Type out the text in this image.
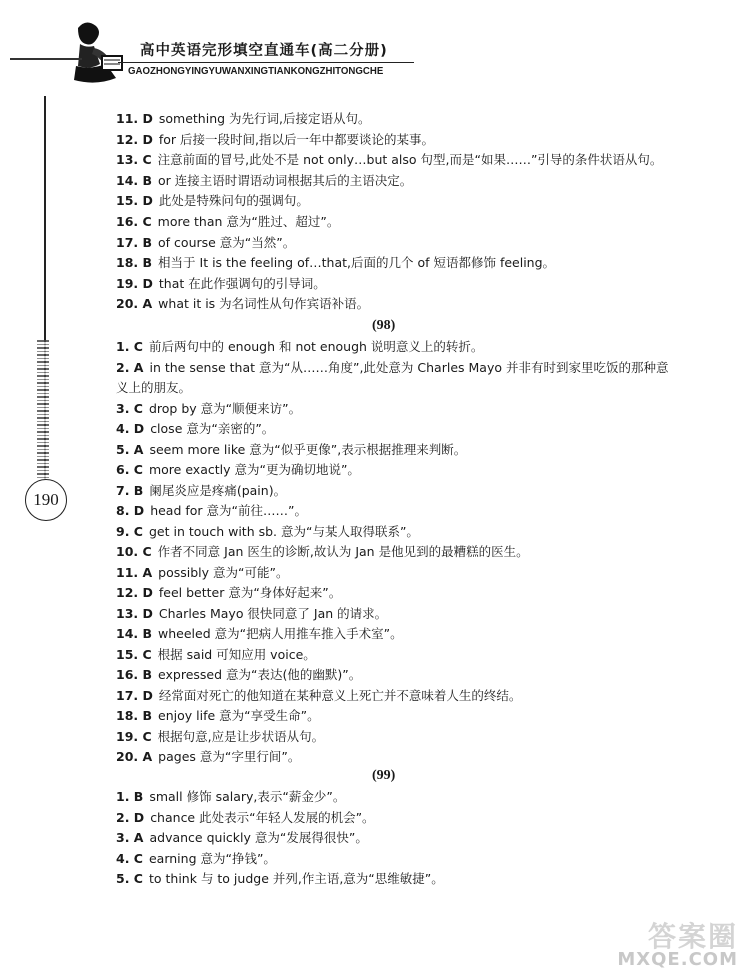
高中英语完形填空直通车(高二分册)
GAOZHONGYINGYUWANXINGTIANKONGZHITONGCHE
190
11. D something 为先行词,后接定语从句。
12. D for 后接一段时间,指以后一年中都要谈论的某事。
13. C 注意前面的冒号,此处不是 not only…but also 句型,而是“如果……”引导的条件状语从句。
14. B or 连接主语时谓语动词根据其后的主语决定。
15. D 此处是特殊问句的强调句。
16. C more than 意为“胜过、超过”。
17. B of course 意为“当然”。
18. B 相当于 It is the feeling of…that,后面的几个 of 短语都修饰 feeling。
19. D that 在此作强调句的引导词。
20. A what it is 为名词性从句作宾语补语。
(98)
1. C 前后两句中的 enough 和 not enough 说明意义上的转折。
2. A in the sense that 意为“从……角度”,此处意为 Charles Mayo 并非有时到家里吃饭的那种意
义上的朋友。
3. C drop by 意为“顺便来访”。
4. D close 意为“亲密的”。
5. A seem more like 意为“似乎更像”,表示根据推理来判断。
6. C more exactly 意为“更为确切地说”。
7. B 阑尾炎应是疼痛(pain)。
8. D head for 意为“前往……”。
9. C get in touch with sb. 意为“与某人取得联系”。
10. C 作者不同意 Jan 医生的诊断,故认为 Jan 是他见到的最糟糕的医生。
11. A possibly 意为“可能”。
12. D feel better 意为“身体好起来”。
13. D Charles Mayo 很快同意了 Jan 的请求。
14. B wheeled 意为“把病人用推车推入手术室”。
15. C 根据 said 可知应用 voice。
16. B expressed 意为“表达(他的幽默)”。
17. D 经常面对死亡的他知道在某种意义上死亡并不意味着人生的终结。
18. B enjoy life 意为“享受生命”。
19. C 根据句意,应是让步状语从句。
20. A pages 意为“字里行间”。
(99)
1. B small 修饰 salary,表示“薪金少”。
2. D chance 此处表示“年轻人发展的机会”。
3. A advance quickly 意为“发展得很快”。
4. C earning 意为“挣钱”。
5. C to think 与 to judge 并列,作主语,意为“思维敏捷”。
答案圈
MXQE.COM
